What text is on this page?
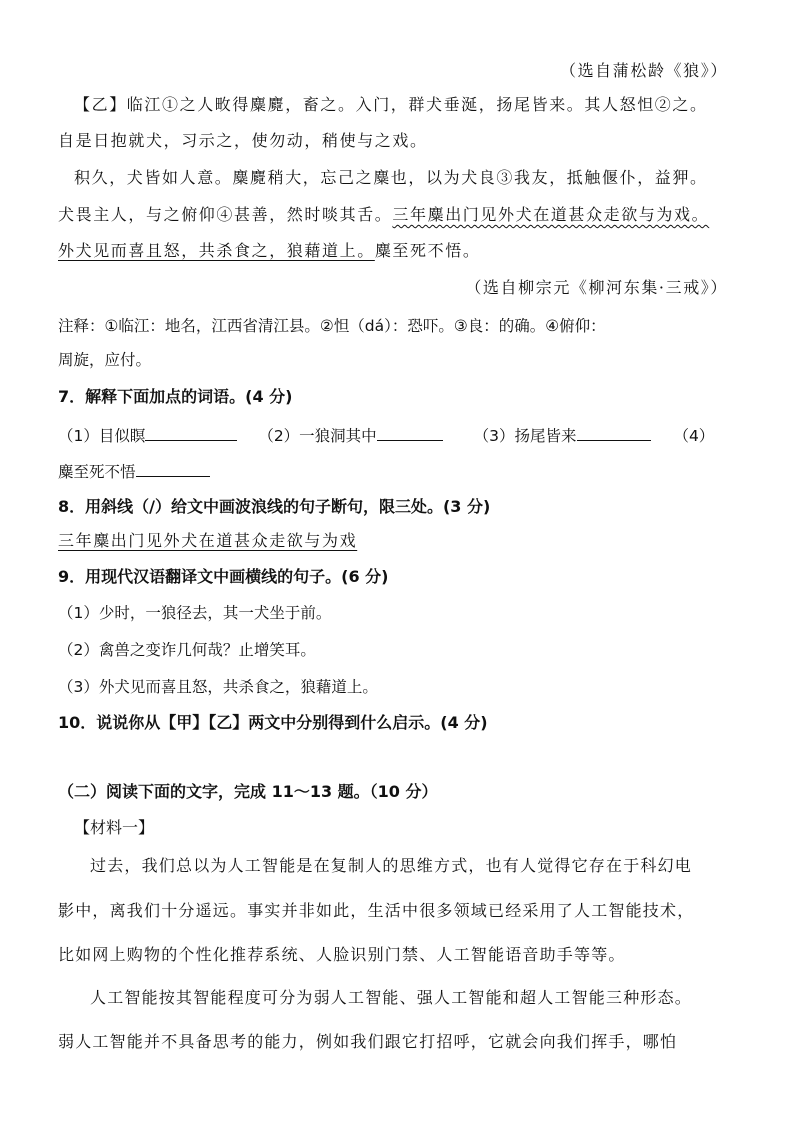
（选自蒲松龄《狼》）
【乙】临江①之人畋得麋麑，畜之。入门，群犬垂涎，扬尾皆来。其人怒怛②之。
自是日抱就犬，习示之，使勿动，稍使与之戏。
积久，犬皆如人意。麋麑稍大，忘己之麋也，以为犬良③我友，抵触偃仆，益狎。
犬畏主人，与之俯仰④甚善，然时啖其舌。三年麋出门见外犬在道甚众走欲与为戏。
外犬见而喜且怒，共杀食之，狼藉道上。麋至死不悟。
（选自柳宗元《柳河东集·三戒》）
注释：①临江：地名，江西省清江县。②怛（dá）：恐吓。③良：的确。④俯仰：
周旋，应付。
7．解释下面加点的词语。(4 分)
（1）目似瞑	（2）一狼洞其中	（3）扬尾皆来	（4）
麋至死不悟
8．用斜线（/）给文中画波浪线的句子断句，限三处。(3 分)
三年麋出门见外犬在道甚众走欲与为戏
9．用现代汉语翻译文中画横线的句子。(6 分)
（1）少时，一狼径去，其一犬坐于前。
（2）禽兽之变诈几何哉？止增笑耳。
（3）外犬见而喜且怒，共杀食之，狼藉道上。
10．说说你从【甲】【乙】两文中分别得到什么启示。(4 分)
（二）阅读下面的文字，完成 11～13 题。（10 分）
【材料一】
过去，我们总以为人工智能是在复制人的思维方式，也有人觉得它存在于科幻电
影中，离我们十分遥远。事实并非如此，生活中很多领域已经采用了人工智能技术，
比如网上购物的个性化推荐系统、人脸识别门禁、人工智能语音助手等等。
人工智能按其智能程度可分为弱人工智能、强人工智能和超人工智能三种形态。
弱人工智能并不具备思考的能力，例如我们跟它打招呼，它就会向我们挥手，哪怕
